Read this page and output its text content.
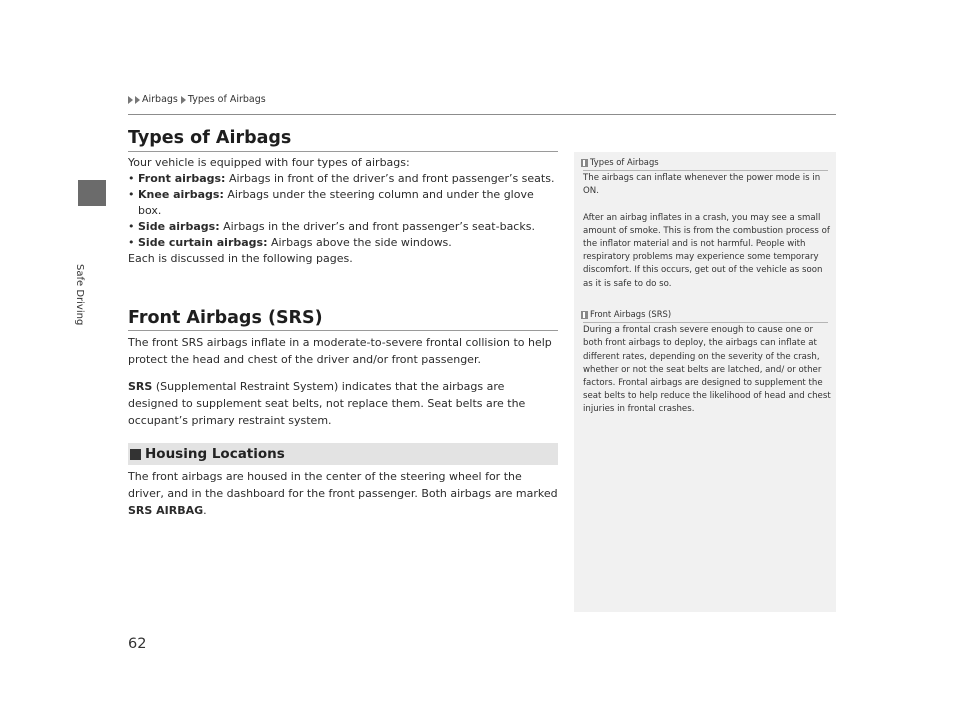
Safe Driving
Airbags Types of Airbags
Types of Airbags
Your vehicle is equipped with four types of airbags:
• Front airbags: Airbags in front of the driver’s and front passenger’s seats.
• Knee airbags: Airbags under the steering column and under the glove box.
• Side airbags: Airbags in the driver’s and front passenger’s seat-backs.
• Side curtain airbags: Airbags above the side windows.
Each is discussed in the following pages.
Front Airbags (SRS)
The front SRS airbags inflate in a moderate-to-severe frontal collision to help protect the head and chest of the driver and/or front passenger.
SRS (Supplemental Restraint System) indicates that the airbags are designed to supplement seat belts, not replace them. Seat belts are the occupant’s primary restraint system.
Housing Locations
The front airbags are housed in the center of the steering wheel for the driver, and in the dashboard for the front passenger. Both airbags are marked SRS AIRBAG.
Types of Airbags
The airbags can inflate whenever the power mode is in ON.
After an airbag inflates in a crash, you may see a small amount of smoke. This is from the combustion process of the inflator material and is not harmful. People with respiratory problems may experience some temporary discomfort. If this occurs, get out of the vehicle as soon as it is safe to do so.
Front Airbags (SRS)
During a frontal crash severe enough to cause one or both front airbags to deploy, the airbags can inflate at different rates, depending on the severity of the crash, whether or not the seat belts are latched, and/ or other factors. Frontal airbags are designed to supplement the seat belts to help reduce the likelihood of head and chest injuries in frontal crashes.
62
